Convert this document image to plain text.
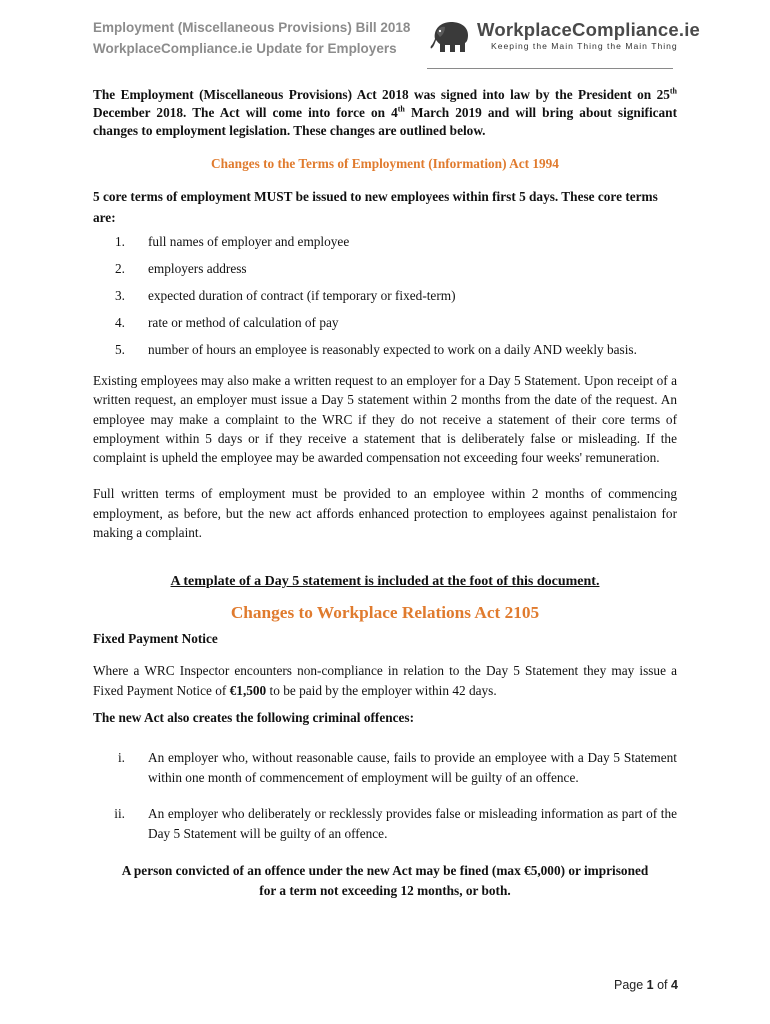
Employment (Miscellaneous Provisions) Bill 2018
WorkplaceCompliance.ie Update for Employers
WorkplaceCompliance.ie
Keeping the Main Thing the Main Thing

The Employment (Miscellaneous Provisions) Act 2018 was signed into law by the President on 25th December 2018. The Act will come into force on 4th March 2019 and will bring about significant changes to employment legislation. These changes are outlined below.

Changes to the Terms of Employment (Information) Act 1994

5 core terms of employment MUST be issued to new employees within first 5 days. These core terms are:

1.	full names of employer and employee
2.	employers address
3.	expected duration of contract (if temporary or fixed-term)
4.	rate or method of calculation of pay
5.	number of hours an employee is reasonably expected to work on a daily AND weekly basis.

Existing employees may also make a written request to an employer for a Day 5 Statement. Upon receipt of a written request, an employer must issue a Day 5 statement within 2 months from the date of the request. An employee may make a complaint to the WRC if they do not receive a statement of their core terms of employment within 5 days or if they receive a statement that is deliberately false or misleading. If the complaint is upheld the employee may be awarded compensation not exceeding four weeks' remuneration.

Full written terms of employment must be provided to an employee within 2 months of commencing employment, as before, but the new act affords enhanced protection to employees against penalistaion for making a complaint.

A template of a Day 5 statement is included at the foot of this document.

Changes to Workplace Relations Act 2105

Fixed Payment Notice

Where a WRC Inspector encounters non-compliance in relation to the Day 5 Statement they may issue a Fixed Payment Notice of €1,500 to be paid by the employer within 42 days.

The new Act also creates the following criminal offences:

i.	An employer who, without reasonable cause, fails to provide an employee with a Day 5 Statement within one month of commencement of employment will be guilty of an offence.
ii.	An employer who deliberately or recklessly provides false or misleading information as part of the Day 5 Statement will be guilty of an offence.

A person convicted of an offence under the new Act may be fined (max €5,000) or imprisoned
for a term not exceeding 12 months, or both.

Page 1 of 4
